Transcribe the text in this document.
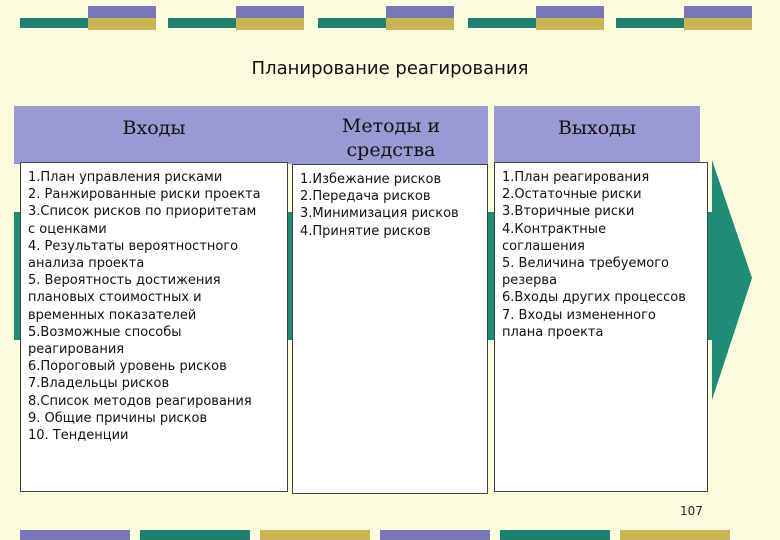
Планирование реагирования
Входы	Методы и средства
Выходы
1.План управления рисками
2. Ранжированные риски проекта
3.Список рисков по приоритетам
с оценками
4. Результаты вероятностного
анализа проекта
5. Вероятность достижения
плановых стоимостных и
временных показателей
5.Возможные способы
реагирования
6.Пороговый уровень рисков
7.Владельцы рисков
8.Список методов реагирования
9. Общие причины рисков
10. Тенденции
1.Избежание рисков
2.Передача рисков
3.Минимизация рисков
4.Принятие рисков
1.План реагирования
2.Остаточные риски
3.Вторичные риски
4.Контрактные
соглашения
5. Величина требуемого
резерва
6.Входы других процессов
7. Входы измененного
плана проекта
107
